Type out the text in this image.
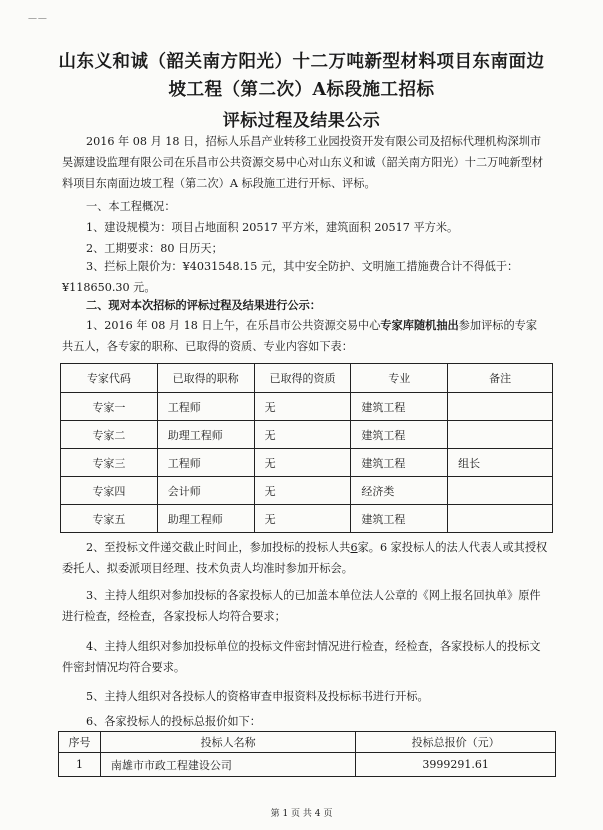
— —
山东义和诚（韶关南方阳光）十二万吨新型材料项目东南面边
坡工程（第二次）A标段施工招标
评标过程及结果公示
2016 年 08 月 18 日，招标人乐昌产业转移工业园投资开发有限公司及招标代理机构深圳市昊源建设监理有限公司在乐昌市公共资源交易中心对山东义和诚（韶关南方阳光）十二万吨新型材料项目东南面边坡工程（第二次）A 标段施工进行开标、评标。
一、本工程概况：
1、建设规模为：项目占地面积 20517 平方米，建筑面积 20517 平方米。
2、工期要求：80 日历天；
3、拦标上限价为：¥4031548.15 元，其中安全防护、文明施工措施费合计不得低于：¥118650.30 元。
二、现对本次招标的评标过程及结果进行公示：
1、2016 年 08 月 18 日上午，在乐昌市公共资源交易中心专家库随机抽出参加评标的专家共五人，各专家的职称、已取得的资质、专业内容如下表：
专家代码	已取得的职称	已取得的资质	专业	备注
专家一	工程师	无	建筑工程	
专家二	助理工程师	无	建筑工程	
专家三	工程师	无	建筑工程	组长
专家四	会计师	无	经济类	
专家五	助理工程师	无	建筑工程	
2、至投标文件递交截止时间止，参加投标的投标人共6家。6 家投标人的法人代表人或其授权委托人、拟委派项目经理、技术负责人均准时参加开标会。
3、主持人组织对参加投标的各家投标人的已加盖本单位法人公章的《网上报名回执单》原件进行检查，经检查，各家投标人均符合要求；
4、主持人组织对参加投标单位的投标文件密封情况进行检查，经检查，各家投标人的投标文件密封情况均符合要求。
5、主持人组织对各投标人的资格审查申报资料及投标标书进行开标。
6、各家投标人的投标总报价如下：
序号	投标人名称	投标总报价（元）
1	南雄市市政工程建设公司	3999291.61
第 1 页 共 4 页
